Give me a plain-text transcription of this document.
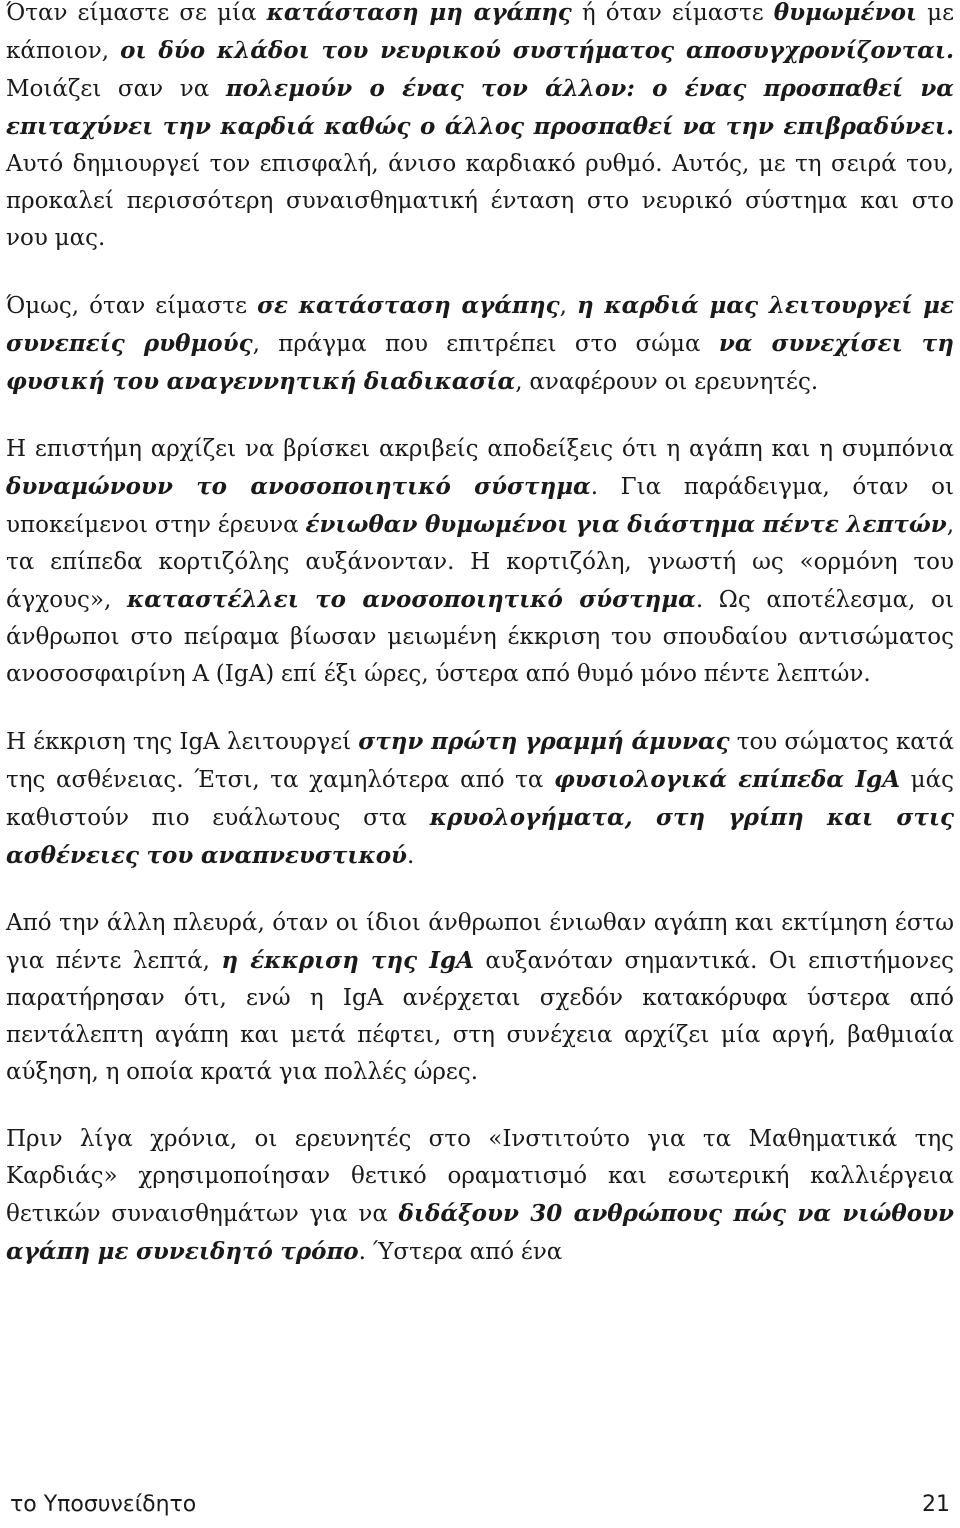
Όταν είμαστε σε μία κατάσταση μη αγάπης ή όταν είμαστε θυμωμένοι με κάποιον, οι δύο κλάδοι του νευρικού συστήματος αποσυγχρονίζονται. Μοιάζει σαν να πολεμούν ο ένας τον άλλον: ο ένας προσπαθεί να επιταχύνει την καρδιά καθώς ο άλλος προσπαθεί να την επιβραδύνει. Αυτό δημιουργεί τον επισφαλή, άνισο καρδιακό ρυθμό. Αυτός, με τη σειρά του, προκαλεί περισσότερη συναισθηματική ένταση στο νευρικό σύστημα και στο νου μας.

Όμως, όταν είμαστε σε κατάσταση αγάπης, η καρδιά μας λειτουργεί με συνεπείς ρυθμούς, πράγμα που επιτρέπει στο σώμα να συνεχίσει τη φυσική του αναγεννητική διαδικασία, αναφέρουν οι ερευνητές.

Η επιστήμη αρχίζει να βρίσκει ακριβείς αποδείξεις ότι η αγάπη και η συμπόνια δυναμώνουν το ανοσοποιητικό σύστημα. Για παράδειγμα, όταν οι υποκείμενοι στην έρευνα ένιωθαν θυμωμένοι για διάστημα πέντε λεπτών, τα επίπεδα κορτιζόλης αυξάνονταν. Η κορτιζόλη, γνωστή ως «ορμόνη του άγχους», καταστέλλει το ανοσοποιητικό σύστημα. Ως αποτέλεσμα, οι άνθρωποι στο πείραμα βίωσαν μειωμένη έκκριση του σπουδαίου αντισώματος ανοσοσφαιρίνη A (IgA) επί έξι ώρες, ύστερα από θυμό μόνο πέντε λεπτών.

Η έκκριση της IgA λειτουργεί στην πρώτη γραμμή άμυνας του σώματος κατά της ασθένειας. Έτσι, τα χαμηλότερα από τα φυσιολογικά επίπεδα IgA μάς καθιστούν πιο ευάλωτους στα κρυολογήματα, στη γρίπη και στις ασθένειες του αναπνευστικού.

Από την άλλη πλευρά, όταν οι ίδιοι άνθρωποι ένιωθαν αγάπη και εκτίμηση έστω για πέντε λεπτά, η έκκριση της IgA αυξανόταν σημαντικά. Οι επιστήμονες παρατήρησαν ότι, ενώ η IgA ανέρχεται σχεδόν κατακόρυφα ύστερα από πεντάλεπτη αγάπη και μετά πέφτει, στη συνέχεια αρχίζει μία αργή, βαθμιαία αύξηση, η οποία κρατά για πολλές ώρες.

Πριν λίγα χρόνια, οι ερευνητές στο «Ινστιτούτο για τα Μαθηματικά της Καρδιάς» χρησιμοποίησαν θετικό οραματισμό και εσωτερική καλλιέργεια θετικών συναισθημάτων για να διδάξουν 30 ανθρώπους πώς να νιώθουν αγάπη με συνειδητό τρόπο. Ύστερα από ένα

το Υποσυνείδητο	21
